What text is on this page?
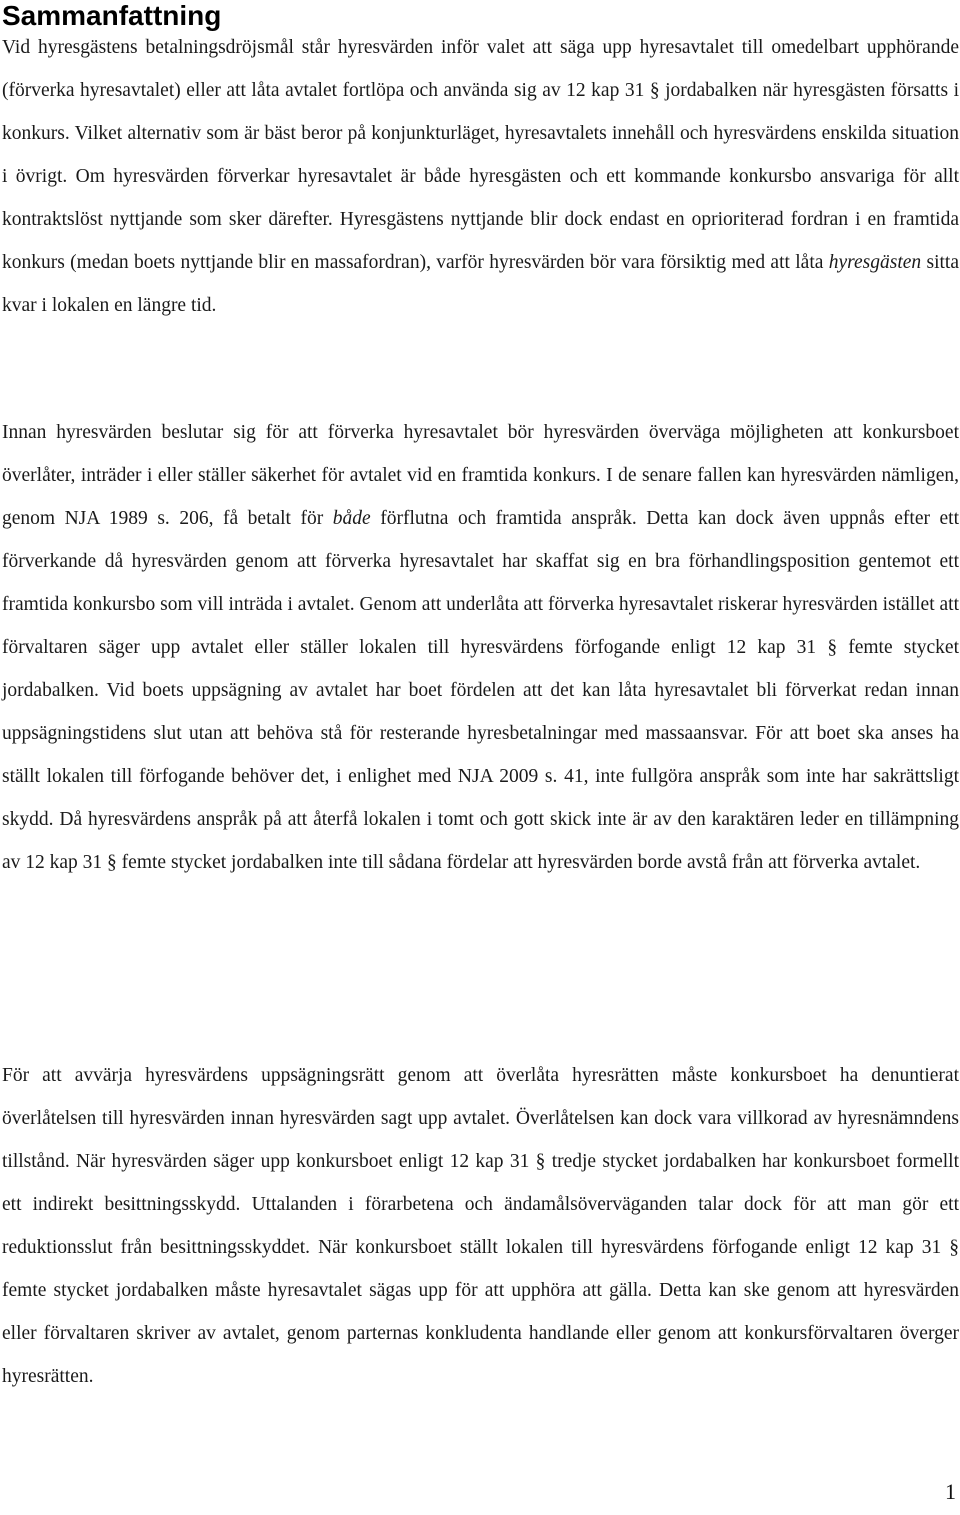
Sammanfattning

Vid hyresgästens betalningsdröjsmål står hyresvärden inför valet att säga upp hyresavtalet till omedelbart upphörande (förverka hyresavtalet) eller att låta avtalet fortlöpa och använda sig av 12 kap 31 § jordabalken när hyresgästen försatts i konkurs. Vilket alternativ som är bäst beror på konjunkturläget, hyresavtalets innehåll och hyresvärdens enskilda situation i övrigt. Om hyresvärden förverkar hyresavtalet är både hyresgästen och ett kommande konkursbo ansvariga för allt kontraktslöst nyttjande som sker därefter. Hyresgästens nyttjande blir dock endast en oprioriterad fordran i en framtida konkurs (medan boets nyttjande blir en massafordran), varför hyresvärden bör vara försiktig med att låta hyresgästen sitta kvar i lokalen en längre tid.

Innan hyresvärden beslutar sig för att förverka hyresavtalet bör hyresvärden överväga möjligheten att konkursboet överlåter, inträder i eller ställer säkerhet för avtalet vid en framtida konkurs. I de senare fallen kan hyresvärden nämligen, genom NJA 1989 s. 206, få betalt för både förflutna och framtida anspråk. Detta kan dock även uppnås efter ett förverkande då hyresvärden genom att förverka hyresavtalet har skaffat sig en bra förhandlingsposition gentemot ett framtida konkursbo som vill inträda i avtalet. Genom att underlåta att förverka hyresavtalet riskerar hyresvärden istället att förvaltaren säger upp avtalet eller ställer lokalen till hyresvärdens förfogande enligt 12 kap 31 § femte stycket jordabalken. Vid boets uppsägning av avtalet har boet fördelen att det kan låta hyresavtalet bli förverkat redan innan uppsägningstidens slut utan att behöva stå för resterande hyresbetalningar med massaansvar. För att boet ska anses ha ställt lokalen till förfogande behöver det, i enlighet med NJA 2009 s. 41, inte fullgöra anspråk som inte har sakrättsligt skydd. Då hyresvärdens anspråk på att återfå lokalen i tomt och gott skick inte är av den karaktären leder en tillämpning av 12 kap 31 § femte stycket jordabalken inte till sådana fördelar att hyresvärden borde avstå från att förverka avtalet.

För att avvärja hyresvärdens uppsägningsrätt genom att överlåta hyresrätten måste konkursboet ha denuntierat överlåtelsen till hyresvärden innan hyresvärden sagt upp avtalet. Överlåtelsen kan dock vara villkorad av hyresnämndens tillstånd. När hyresvärden säger upp konkursboet enligt 12 kap 31 § tredje stycket jordabalken har konkursboet formellt ett indirekt besittningsskydd. Uttalanden i förarbetena och ändamålsöverväganden talar dock för att man gör ett reduktionsslut från besittningsskyddet. När konkursboet ställt lokalen till hyresvärdens förfogande enligt 12 kap 31 § femte stycket jordabalken måste hyresavtalet sägas upp för att upphöra att gälla. Detta kan ske genom att hyresvärden eller förvaltaren skriver av avtalet, genom parternas konkludenta handlande eller genom att konkursförvaltaren överger hyresrätten.

1
